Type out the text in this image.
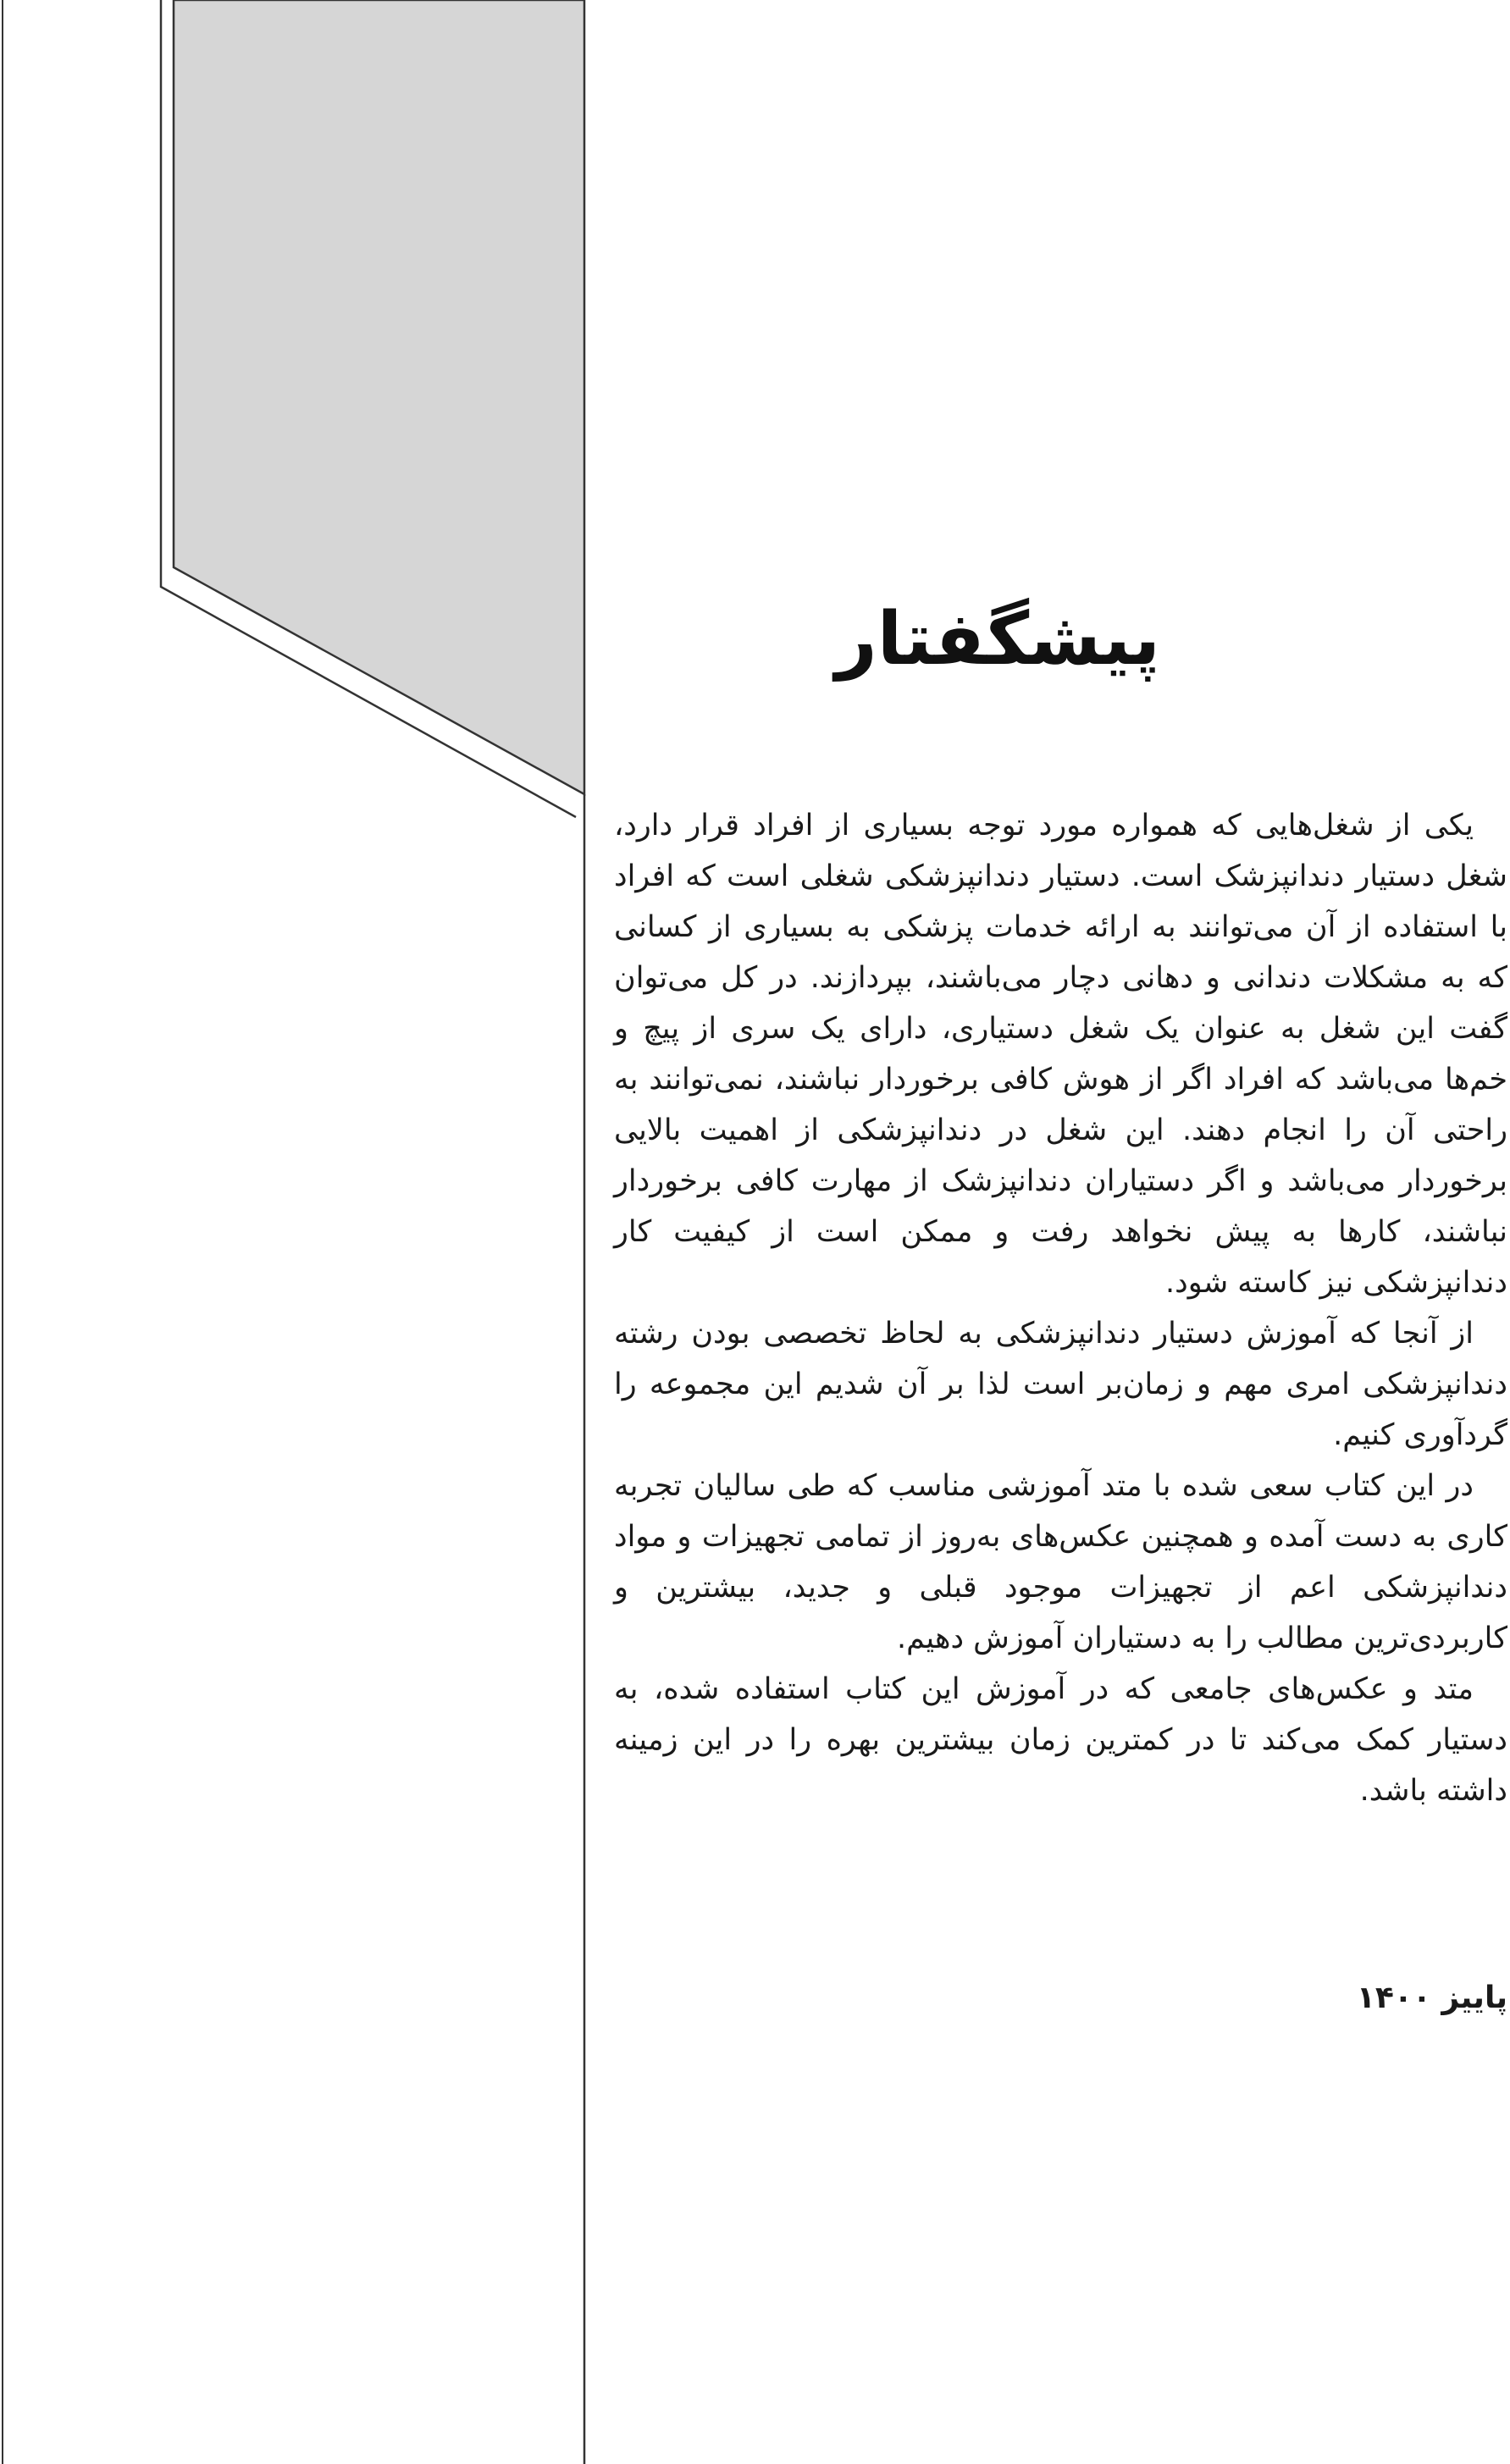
پیشگفتار

یکی از شغل‌هایی که همواره مورد توجه بسیاری از افراد قرار دارد، شغل دستیار دندانپزشک است. دستیار دندانپزشکی شغلی است که افراد با استفاده از آن می‌توانند به ارائه خدمات پزشکی به بسیاری از کسانی که به مشکلات دندانی و دهانی دچار می‌باشند، بپردازند. در کل می‌توان گفت این شغل به عنوان یک شغل دستیاری، دارای یک سری از پیچ و خم‌ها می‌باشد که افراد اگر از هوش کافی برخوردار نباشند، نمی‌توانند به راحتی آن را انجام دهند. این شغل در دندانپزشکی از اهمیت بالایی برخوردار می‌باشد و اگر دستیاران دندانپزشک از مهارت کافی برخوردار نباشند، کارها به پیش نخواهد رفت و ممکن است از کیفیت کار دندانپزشکی نیز کاسته شود.

از آنجا که آموزش دستیار دندانپزشکی به لحاظ تخصصی بودن رشته دندانپزشکی امری مهم و زمان‌بر است لذا بر آن شدیم این مجموعه را گردآوری کنیم.

در این کتاب سعی شده با متد آموزشی مناسب که طی سالیان تجربه کاری به دست آمده و همچنین عکس‌های به‌روز از تمامی تجهیزات و مواد دندانپزشکی اعم از تجهیزات موجود قبلی و جدید، بیشترین و کاربردی‌ترین مطالب را به دستیاران آموزش دهیم.

متد و عکس‌های جامعی که در آموزش این کتاب استفاده شده، به دستیار کمک می‌کند تا در کمترین زمان بیشترین بهره را در این زمینه داشته باشد.

پاییز ۱۴۰۰
